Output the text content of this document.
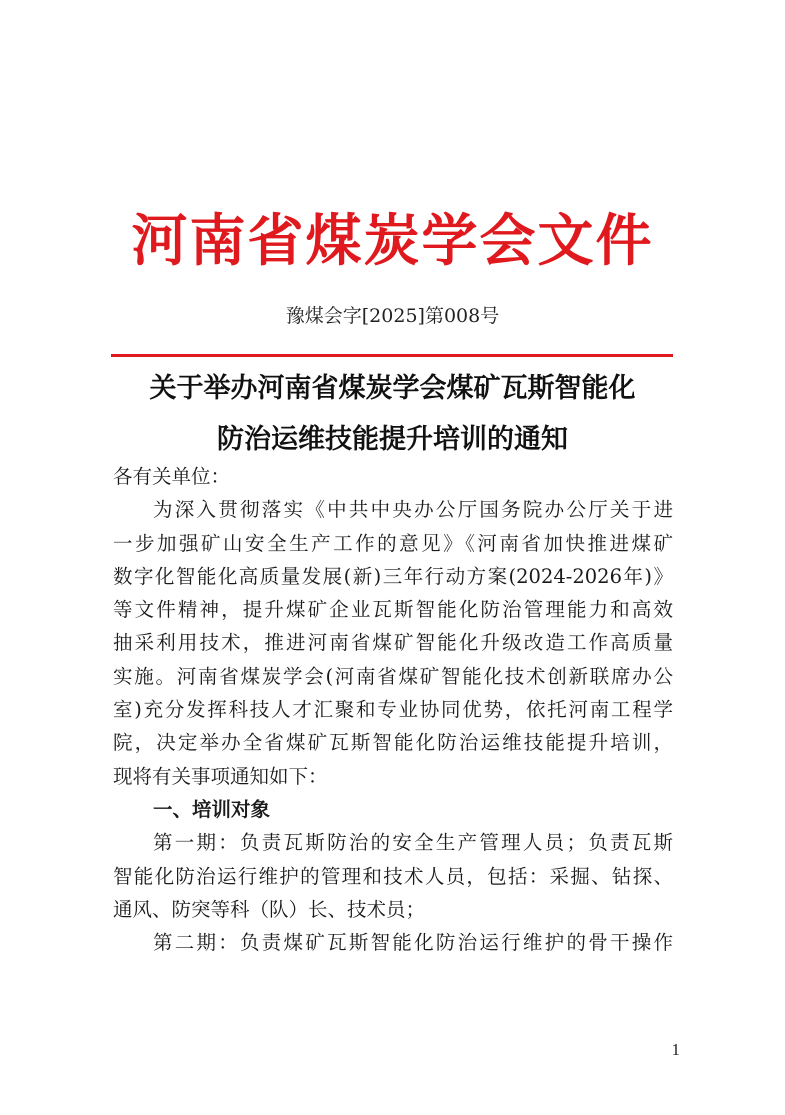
河南省煤炭学会文件
豫煤会字[2025]第008号
关于举办河南省煤炭学会煤矿瓦斯智能化
防治运维技能提升培训的通知
各有关单位：
为深入贯彻落实《中共中央办公厅国务院办公厅关于进
一步加强矿山安全生产工作的意见》《河南省加快推进煤矿
数字化智能化高质量发展(新)三年行动方案(2024-2026年)》
等文件精神，提升煤矿企业瓦斯智能化防治管理能力和高效
抽采利用技术，推进河南省煤矿智能化升级改造工作高质量
实施。河南省煤炭学会(河南省煤矿智能化技术创新联席办公
室)充分发挥科技人才汇聚和专业协同优势，依托河南工程学
院，决定举办全省煤矿瓦斯智能化防治运维技能提升培训，
现将有关事项通知如下：
一、培训对象
第一期：负责瓦斯防治的安全生产管理人员；负责瓦斯
智能化防治运行维护的管理和技术人员，包括：采掘、钻探、
通风、防突等科（队）长、技术员；
第二期：负责煤矿瓦斯智能化防治运行维护的骨干操作
1
